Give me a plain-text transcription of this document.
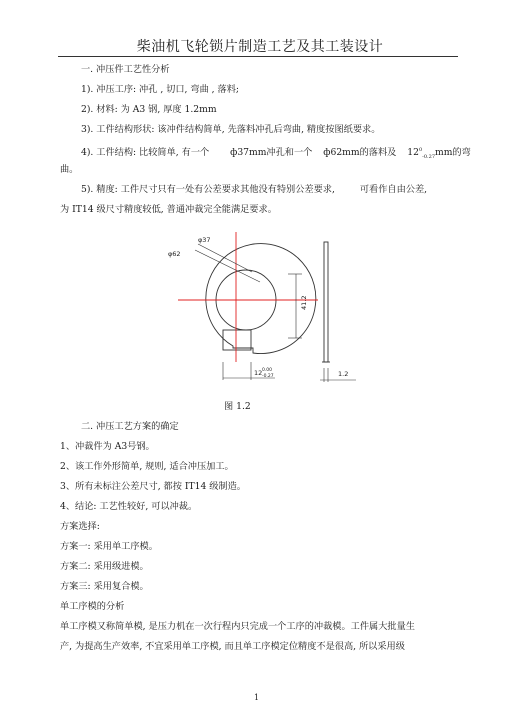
柴油机飞轮锁片制造工艺及其工装设计
一. 冲压件工艺性分析
1). 冲压工序: 冲孔 , 切口, 弯曲 , 落料;
2). 材料: 为 A3 钢, 厚度 1.2mm
3). 工件结构形状: 该冲件结构简单, 先落料冲孔后弯曲, 精度按图纸要求。
4). 工件结构: 比较简单, 有一个 ф37mm冲孔和一个 ф62mm的落料及 $12^0_{-0.27}mm$的弯
曲。
5). 精度: 工件尺寸只有一处有公差要求其他没有特别公差要求,	可看作自由公差,
为 IT14 级尺寸精度较低, 普通冲裁完全能满足要求。
φ37
φ62
41.2
12 0.00
-0.27	1.2
图 1.2
二. 冲压工艺方案的确定
1、冲裁件为 A3号钢。
2、该工作外形简单, 规则, 适合冲压加工。
3、所有未标注公差尺寸, 都按 IT14 级制造。
4、结论: 工艺性较好, 可以冲裁。
方案选择:
方案一: 采用单工序模。
方案二: 采用级进模。
方案三: 采用复合模。
单工序模的分析
单工序模又称简单模, 是压力机在一次行程内只完成一个工序的冲裁模。工件属大批量生
产, 为提高生产效率, 不宜采用单工序模, 而且单工序模定位精度不是很高, 所以采用级
1
